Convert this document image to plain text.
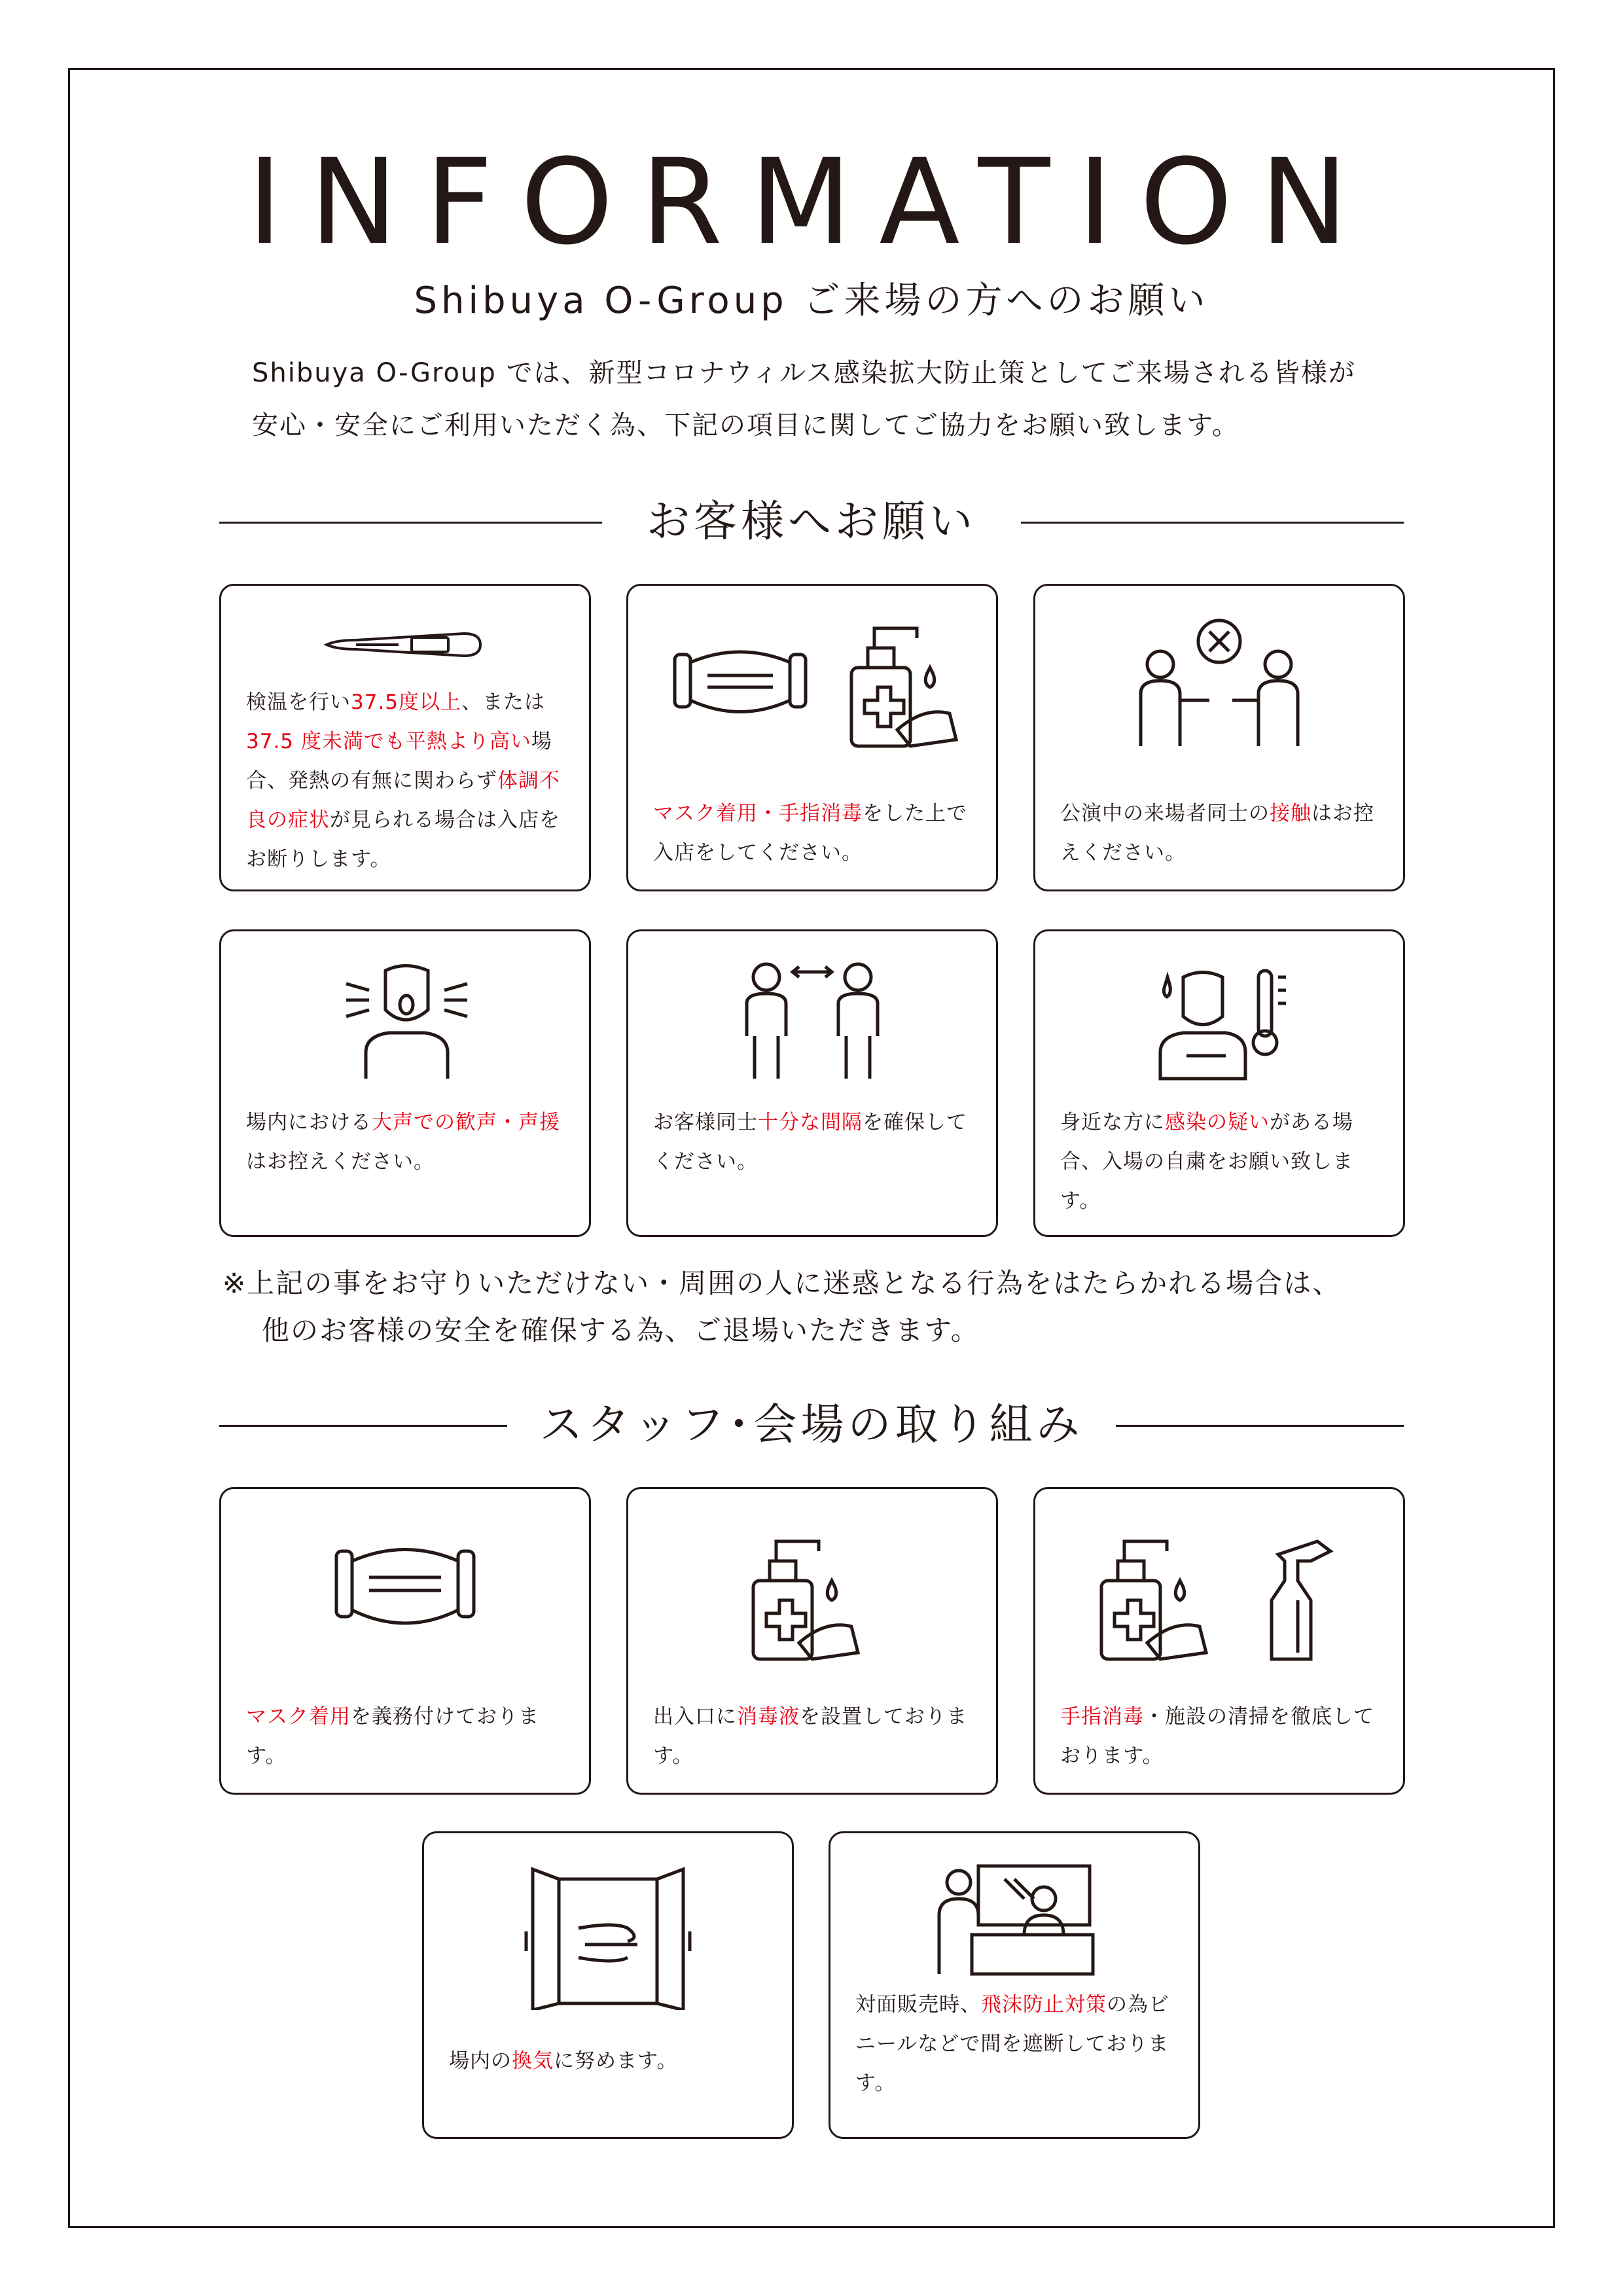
INFORMATION
Shibuya O-Group ご来場の方へのお願い
Shibuya O-Group では、新型コロナウィルス感染拡大防止策としてご来場される皆様が
安心・安全にご利用いただく為、下記の項目に関してご協力をお願い致します。
お客様へお願い
検温を行い37.5度以上、または37.5 度未満でも平熱より高い場合、発熱の有無に関わらず体調不良の症状が見られる場合は入店をお断りします。
マスク着用・手指消毒をした上で入店をしてください。
公演中の来場者同士の接触はお控えください。
場内における大声での歓声・声援はお控えください。
お客様同士十分な間隔を確保してください。
身近な方に感染の疑いがある場合、入場の自粛をお願い致します。
※上記の事をお守りいただけない・周囲の人に迷惑となる行為をはたらかれる場合は、
他のお客様の安全を確保する為、ご退場いただきます。
スタッフ･会場の取り組み
マスク着用を義務付けております。
出入口に消毒液を設置しております。
手指消毒・施設の清掃を徹底しております。
場内の換気に努めます。
対面販売時、飛沫防止対策の為ビニールなどで間を遮断しております。
